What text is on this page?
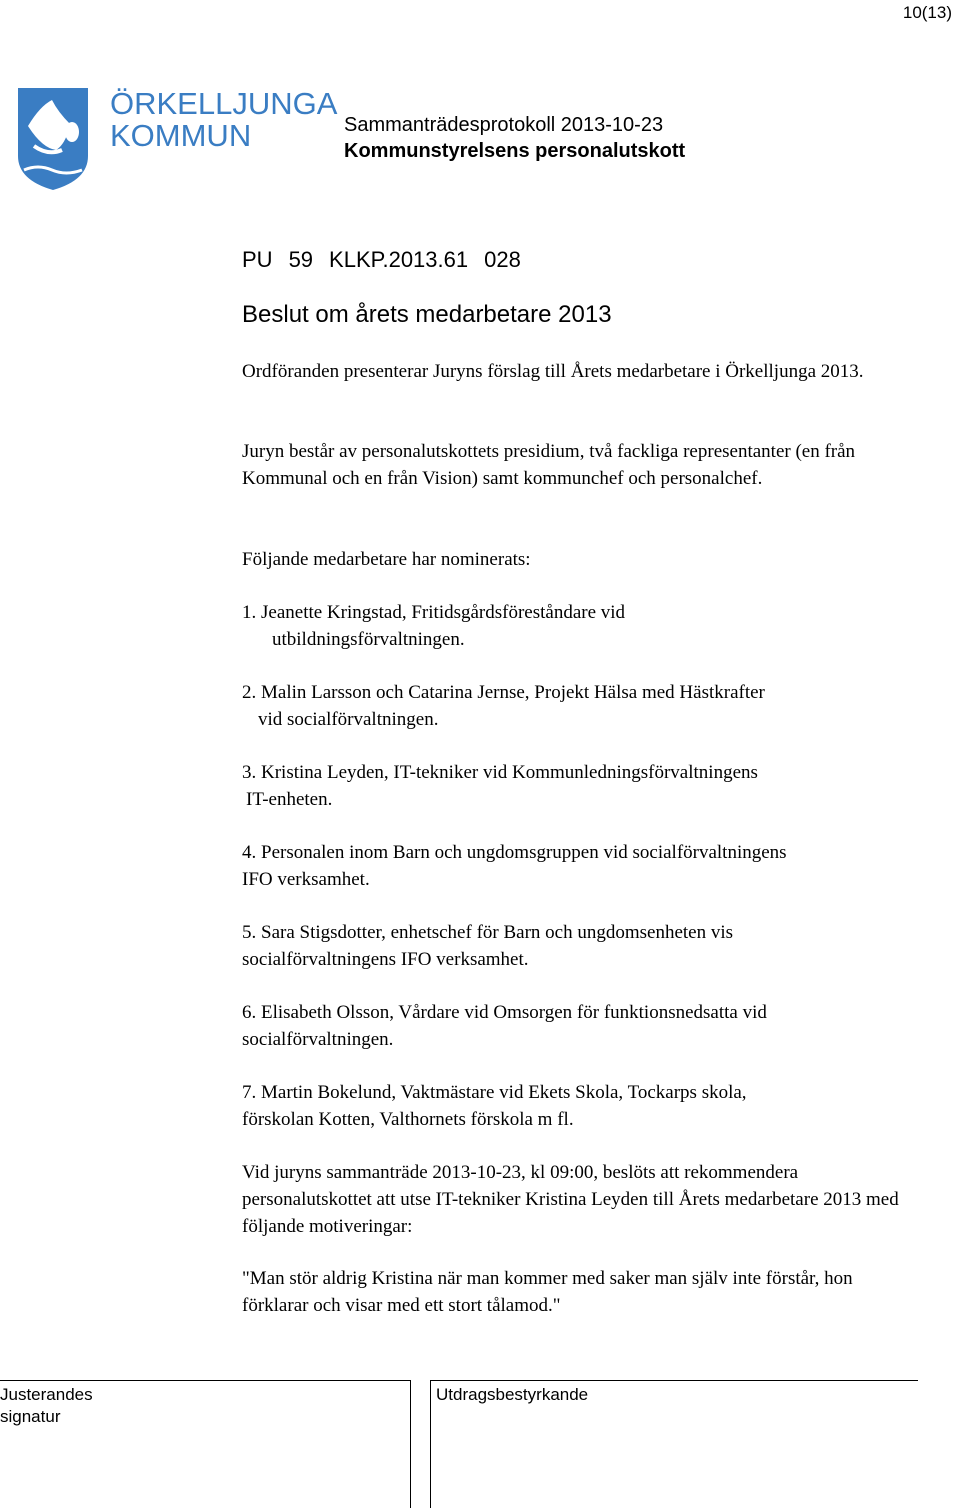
10(13)
ÖRKELLJUNGA
KOMMUN	Sammanträdesprotokoll 2013-10-23
Kommunstyrelsens personalutskott
PU 59 KLKP.2013.61 028
Beslut om årets medarbetare 2013
Ordföranden presenterar Juryns förslag till Årets medarbetare i Örkelljunga 2013.
Juryn består av personalutskottets presidium, två fackliga representanter (en från Kommunal och en från Vision) samt kommunchef och personalchef.
Följande medarbetare har nominerats:
1. Jeanette Kringstad, Fritidsgårdsföreståndare vid
utbildningsförvaltningen.
2. Malin Larsson och Catarina Jernse, Projekt Hälsa med Hästkrafter
vid socialförvaltningen.
3. Kristina Leyden, IT-tekniker vid Kommunledningsförvaltningens
IT-enheten.
4. Personalen inom Barn och ungdomsgruppen vid socialförvaltningens
IFO verksamhet.
5. Sara Stigsdotter, enhetschef för Barn och ungdomsenheten vis
socialförvaltningens IFO verksamhet.
6. Elisabeth Olsson, Vårdare vid Omsorgen för funktionsnedsatta vid
socialförvaltningen.
7. Martin Bokelund, Vaktmästare vid Ekets Skola, Tockarps skola,
förskolan Kotten, Valthornets förskola m fl.
Vid juryns sammanträde 2013-10-23, kl 09:00, beslöts att rekommendera personalutskottet att utse IT-tekniker Kristina Leyden till Årets medarbetare 2013 med följande motiveringar:
"Man stör aldrig Kristina när man kommer med saker man själv inte förstår, hon förklarar och visar med ett stort tålamod."
Justerandes
signatur
Utdragsbestyrkande
